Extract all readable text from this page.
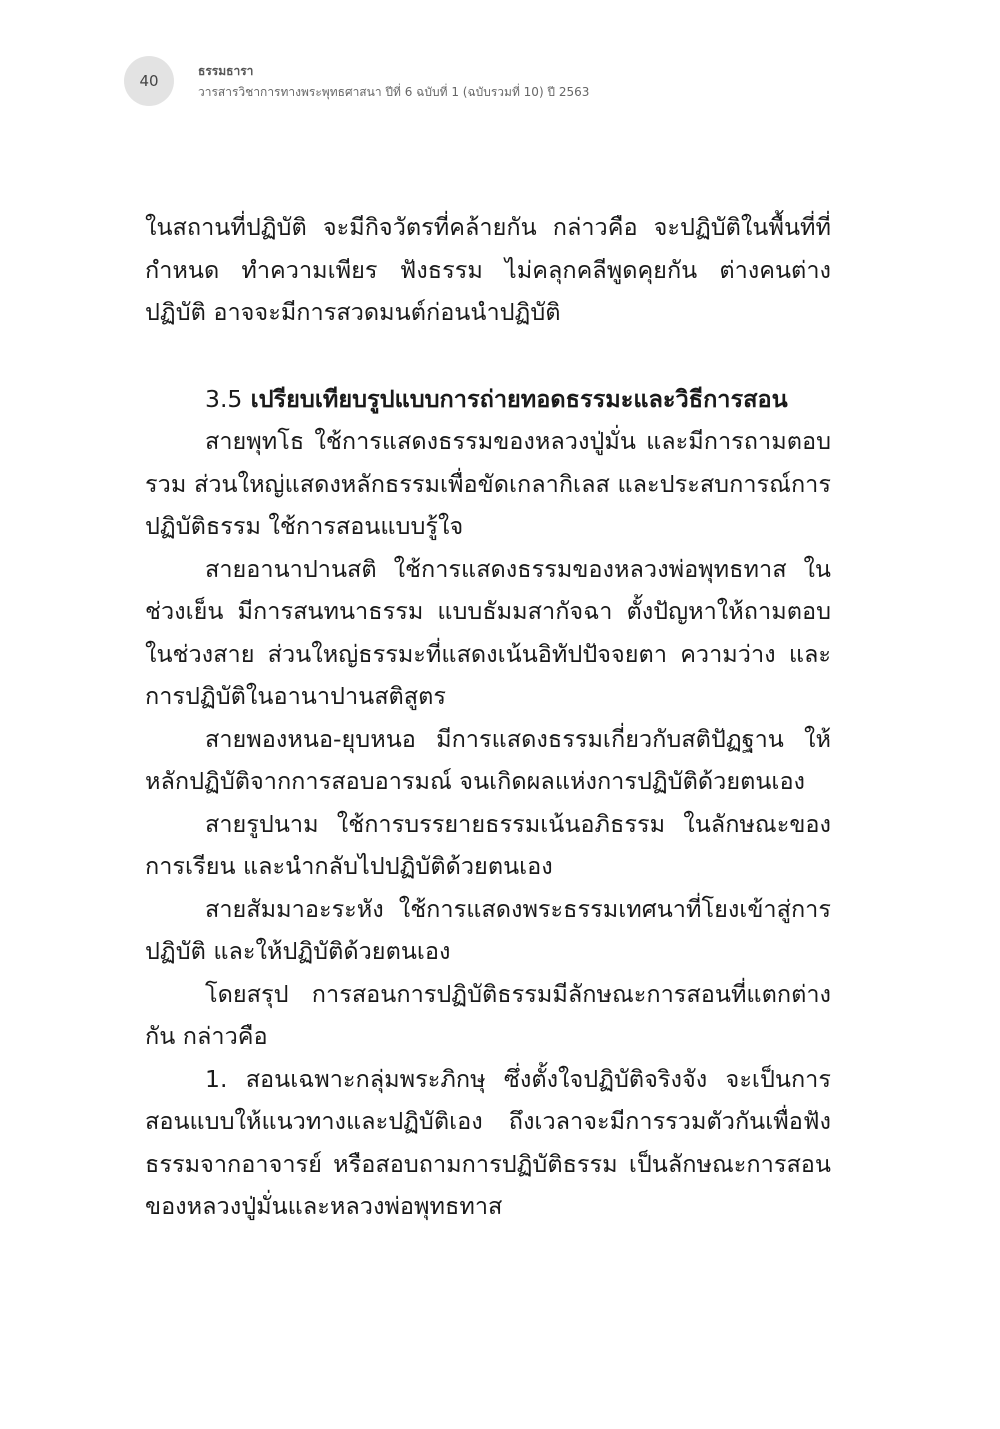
40
ธรรมธารา
วารสารวิชาการทางพระพุทธศาสนา ปีที่ 6 ฉบับที่ 1 (ฉบับรวมที่ 10) ปี 2563

ในสถานที่ปฏิบัติ จะมีกิจวัตรที่คล้ายกัน กล่าวคือ จะปฏิบัติในพื้นที่ที่กำหนด ทำความเพียร ฟังธรรม ไม่คลุกคลีพูดคุยกัน ต่างคนต่างปฏิบัติ อาจจะมีการสวดมนต์ก่อนนำปฏิบัติ

3.5 เปรียบเทียบรูปแบบการถ่ายทอดธรรมะและวิธีการสอน

สายพุทโธ ใช้การแสดงธรรมของหลวงปู่มั่น และมีการถามตอบรวม ส่วนใหญ่แสดงหลักธรรมเพื่อขัดเกลากิเลส และประสบการณ์การปฏิบัติธรรม ใช้การสอนแบบรู้ใจ

สายอานาปานสติ ใช้การแสดงธรรมของหลวงพ่อพุทธทาส ในช่วงเย็น มีการสนทนาธรรม แบบธัมมสากัจฉา ตั้งปัญหาให้ถามตอบในช่วงสาย ส่วนใหญ่ธรรมะที่แสดงเน้นอิทัปปัจจยตา ความว่าง และการปฏิบัติในอานาปานสติสูตร

สายพองหนอ-ยุบหนอ มีการแสดงธรรมเกี่ยวกับสติปัฏฐาน ให้หลักปฏิบัติจากการสอบอารมณ์ จนเกิดผลแห่งการปฏิบัติด้วยตนเอง

สายรูปนาม ใช้การบรรยายธรรมเน้นอภิธรรม ในลักษณะของการเรียน และนำกลับไปปฏิบัติด้วยตนเอง

สายสัมมาอะระหัง ใช้การแสดงพระธรรมเทศนาที่โยงเข้าสู่การปฏิบัติ และให้ปฏิบัติด้วยตนเอง

โดยสรุป การสอนการปฏิบัติธรรมมีลักษณะการสอนที่แตกต่างกัน กล่าวคือ

1. สอนเฉพาะกลุ่มพระภิกษุ ซึ่งตั้งใจปฏิบัติจริงจัง จะเป็นการสอนแบบให้แนวทางและปฏิบัติเอง ถึงเวลาจะมีการรวมตัวกันเพื่อฟังธรรมจากอาจารย์ หรือสอบถามการปฏิบัติธรรม เป็นลักษณะการสอนของหลวงปู่มั่นและหลวงพ่อพุทธทาส
